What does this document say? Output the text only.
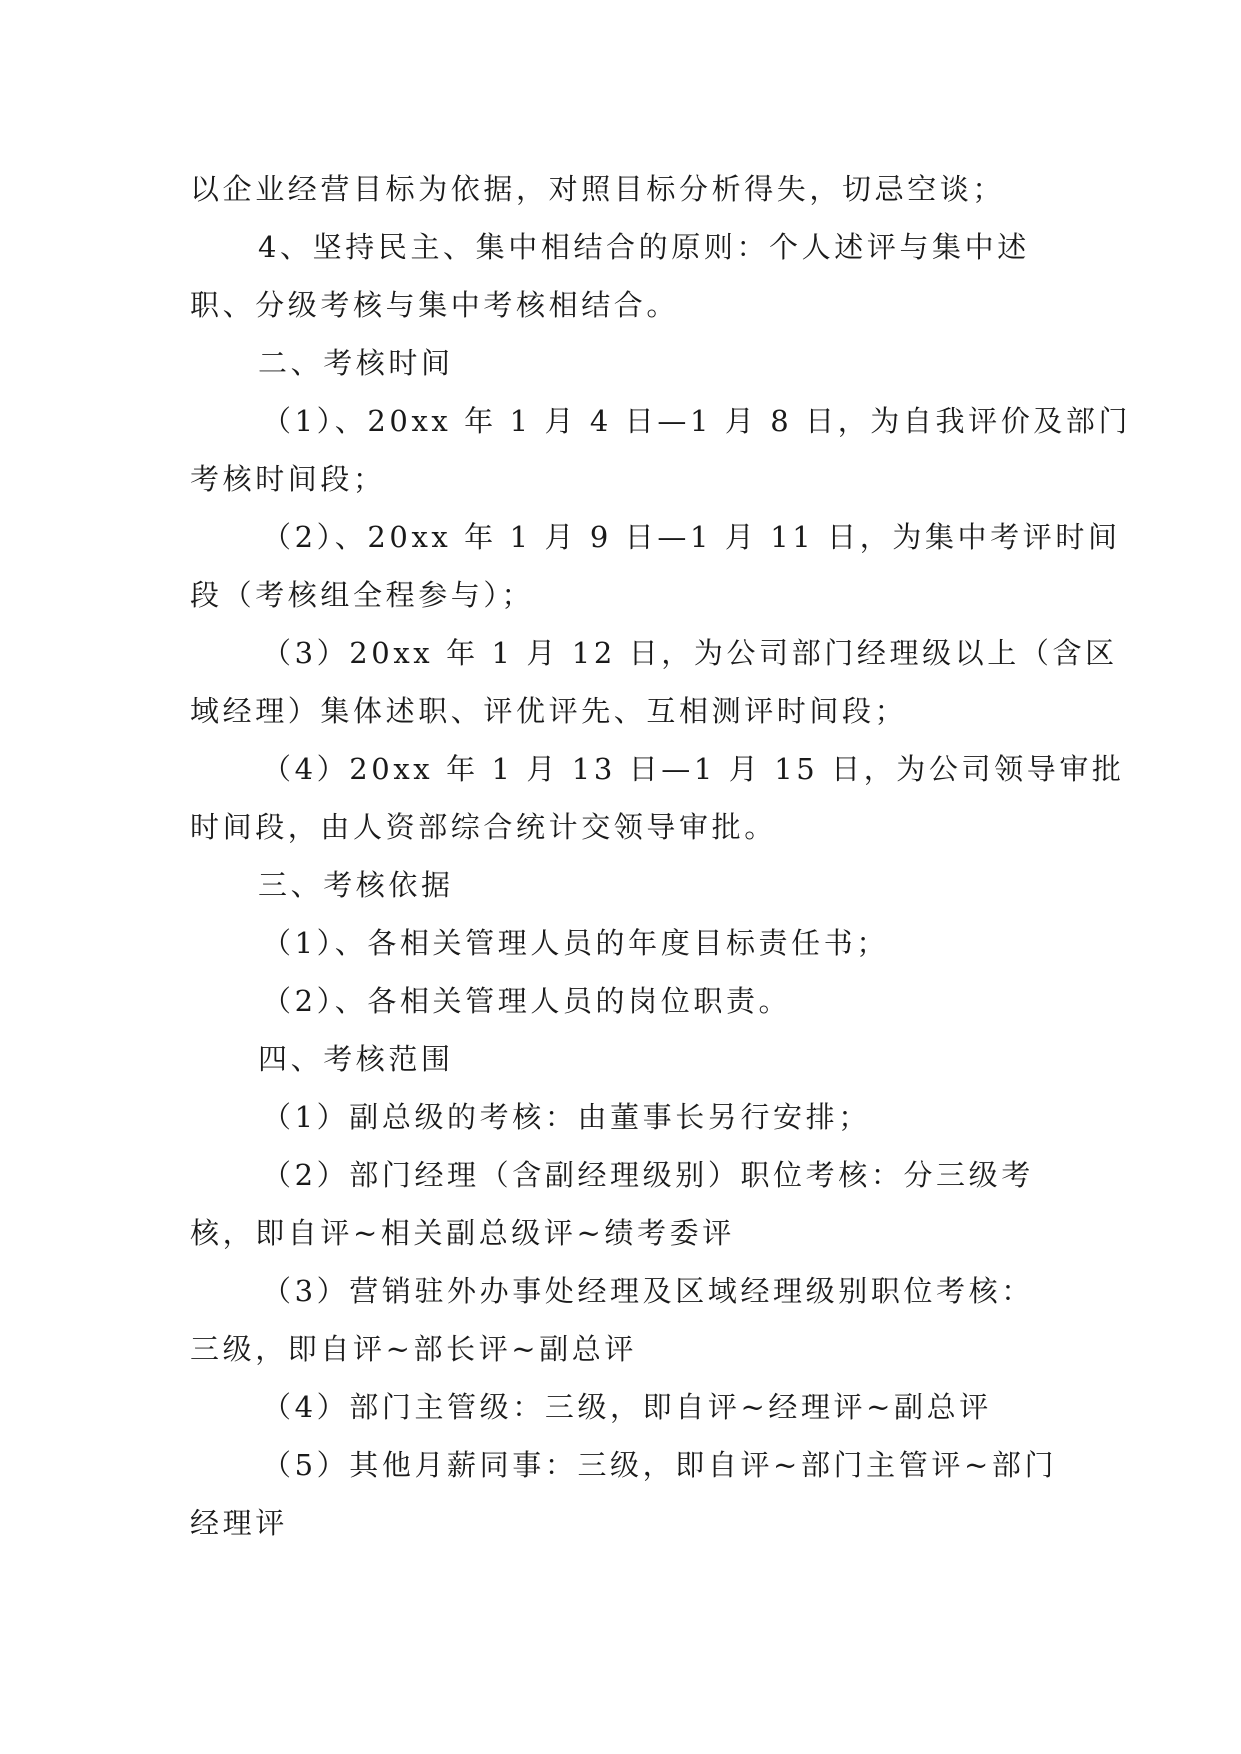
以企业经营目标为依据，对照目标分析得失，切忌空谈；
4、坚持民主、集中相结合的原则：个人述评与集中述
职、分级考核与集中考核相结合。
二、考核时间
（1）、20xx 年 1 月 4 日—1 月 8 日，为自我评价及部门
考核时间段；
（2）、20xx 年 1 月 9 日—1 月 11 日，为集中考评时间
段（考核组全程参与）；
（3）20xx 年 1 月 12 日，为公司部门经理级以上（含区
域经理）集体述职、评优评先、互相测评时间段；
（4）20xx 年 1 月 13 日—1 月 15 日，为公司领导审批
时间段，由人资部综合统计交领导审批。
三、考核依据
（1）、各相关管理人员的年度目标责任书；
（2）、各相关管理人员的岗位职责。
四、考核范围
（1）副总级的考核：由董事长另行安排；
（2）部门经理（含副经理级别）职位考核：分三级考
核，即自评~相关副总级评~绩考委评
（3）营销驻外办事处经理及区域经理级别职位考核：
三级，即自评~部长评~副总评
（4）部门主管级：三级，即自评~经理评~副总评
（5）其他月薪同事：三级，即自评~部门主管评~部门
经理评
